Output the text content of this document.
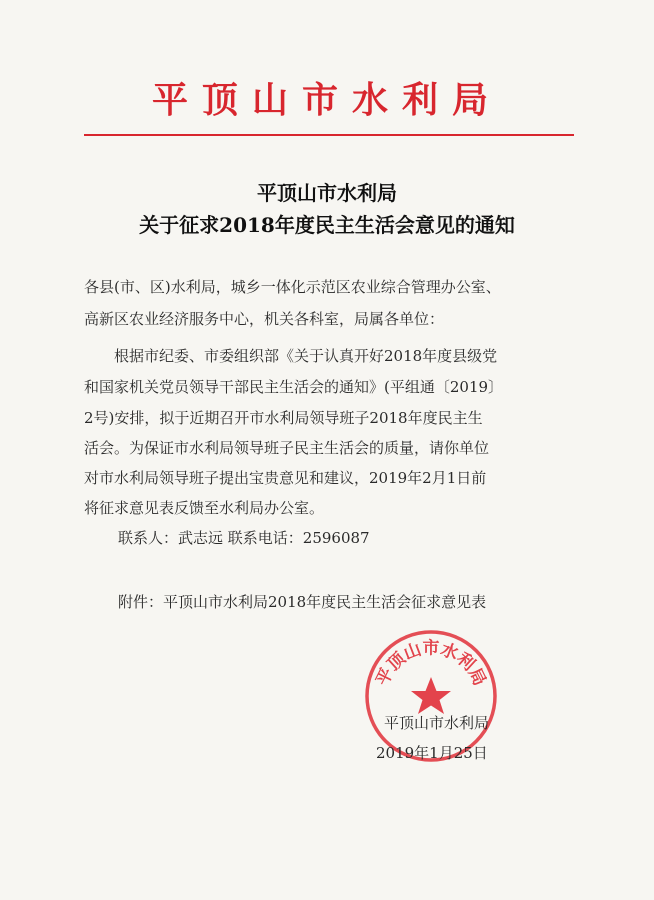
平顶山市水利局
平顶山市水利局
关于征求2018年度民主生活会意见的通知
各县(市、区)水利局，城乡一体化示范区农业综合管理办公室、
高新区农业经济服务中心，机关各科室，局属各单位：
根据市纪委、市委组织部《关于认真开好2018年度县级党
和国家机关党员领导干部民主生活会的通知》(平组通〔2019〕
2号)安排，拟于近期召开市水利局领导班子2018年度民主生
活会。为保证市水利局领导班子民主生活会的质量，请你单位
对市水利局领导班子提出宝贵意见和建议，2019年2月1日前
将征求意见表反馈至水利局办公室。
联系人：武志远 联系电话：2596087
附件：平顶山市水利局2018年度民主生活会征求意见表
平顶山市水利局
平顶山市水利局
2019年1月25日
